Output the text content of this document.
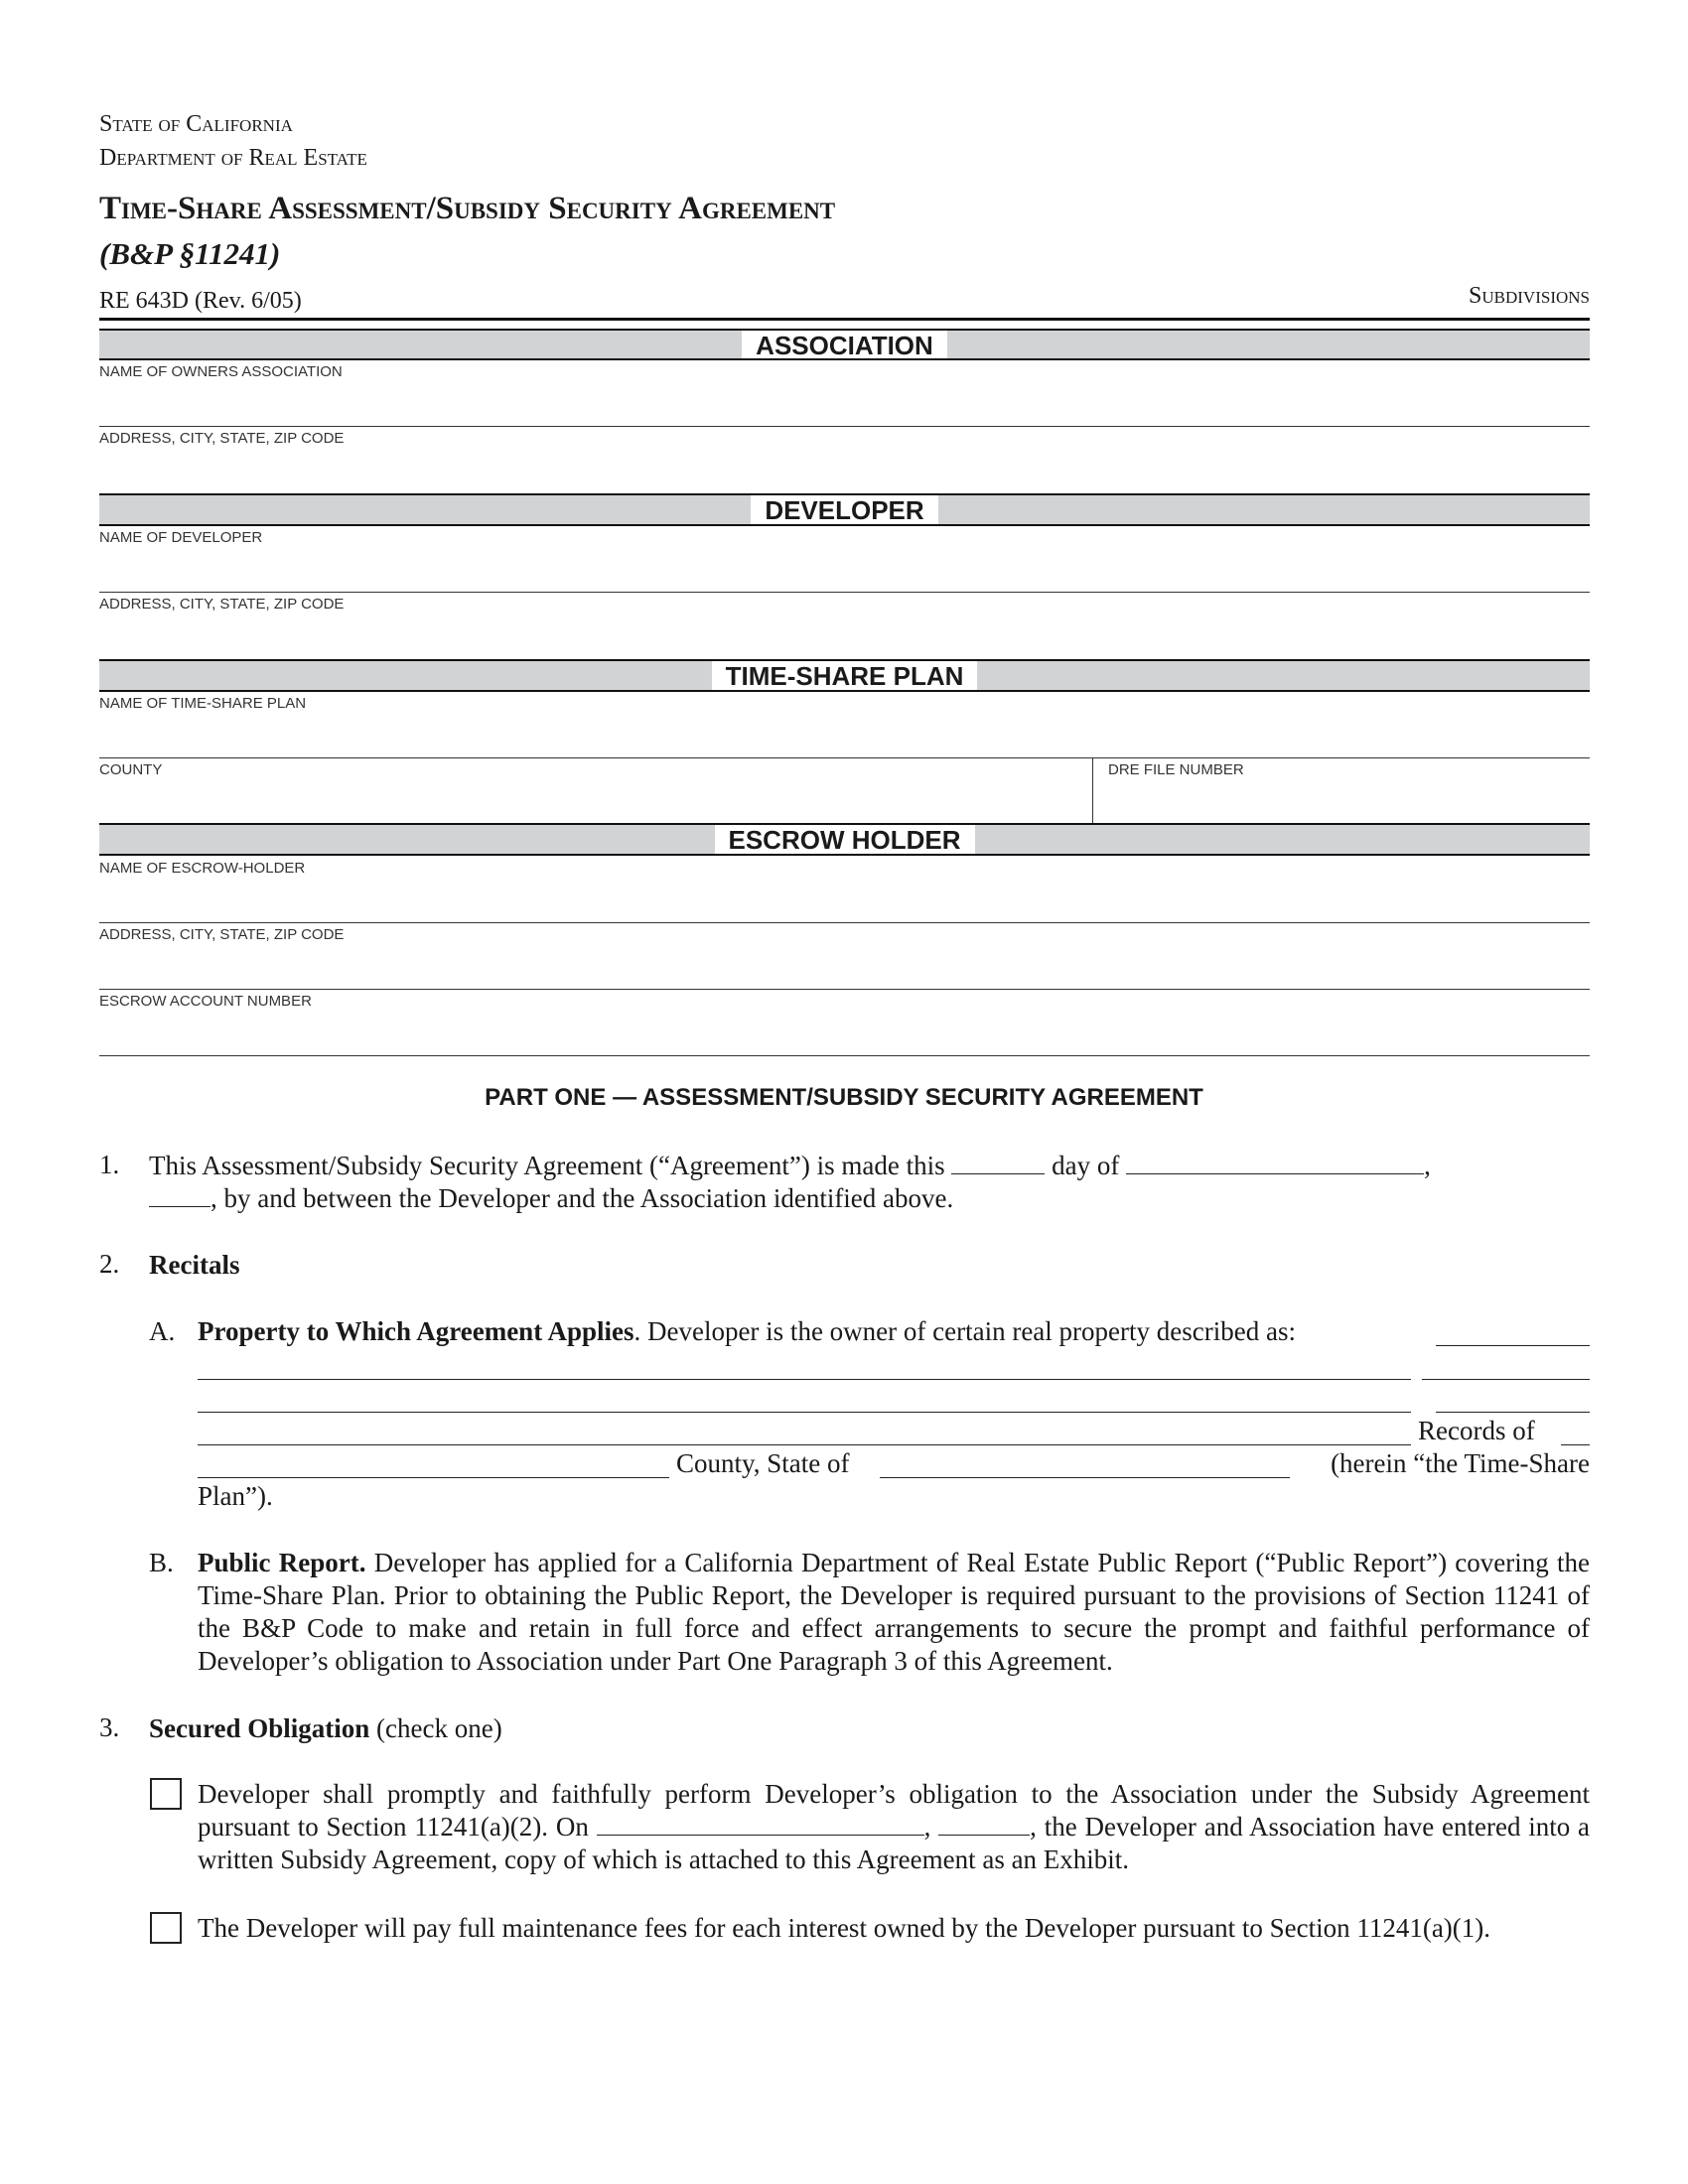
State of California
Department of Real Estate
Time-Share Assessment/Subsidy Security Agreement
(B&P §11241)
RE 643D (Rev. 6/05)	Subdivisions
ASSOCIATION
NAME OF OWNERS ASSOCIATION
ADDRESS, CITY, STATE, ZIP CODE
DEVELOPER
NAME OF DEVELOPER
ADDRESS, CITY, STATE, ZIP CODE
TIME-SHARE PLAN
NAME OF TIME-SHARE PLAN
COUNTY	DRE FILE NUMBER
ESCROW HOLDER
NAME OF ESCROW-HOLDER
ADDRESS, CITY, STATE, ZIP CODE
ESCROW ACCOUNT NUMBER
PART ONE — ASSESSMENT/SUBSIDY SECURITY AGREEMENT
1. This Assessment/Subsidy Security Agreement (“Agreement”) is made this	day of	,
, by and between the Developer and the Association identified above.
2. Recitals
A. Property to Which Agreement Applies. Developer is the owner of certain real property described as:
Records of
County, State of	(herein “the Time-Share
Plan”).
B. Public Report. Developer has applied for a California Department of Real Estate Public Report (“Public Report”) covering the Time-Share Plan. Prior to obtaining the Public Report, the Developer is required pursuant to the provisions of Section 11241 of the B&P Code to make and retain in full force and effect arrangements to secure the prompt and faithful performance of Developer’s obligation to Association under Part One Paragraph 3 of this Agreement.
3. Secured Obligation (check one)
Developer shall promptly and faithfully perform Developer’s obligation to the Association under the Subsidy Agreement pursuant to Section 11241(a)(2). On	,	, the Developer and Association have entered into a written Subsidy Agreement, copy of which is attached to this Agreement as an Exhibit.
The Developer will pay full maintenance fees for each interest owned by the Developer pursuant to Section 11241(a)(1).
